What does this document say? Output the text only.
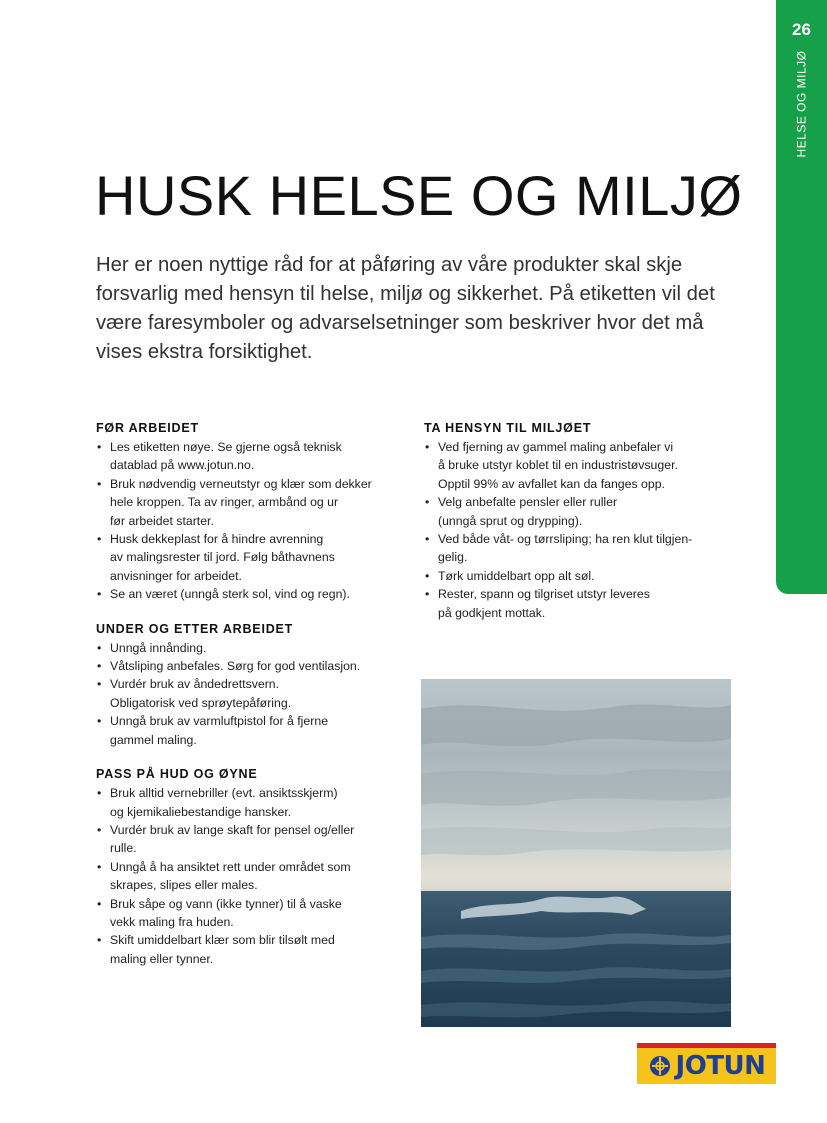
26
HELSE OG MILJØ
HUSK HELSE OG MILJØ

Her er noen nyttige råd for at påføring av våre produkter skal skje forsvarlig med hensyn til helse, miljø og sikkerhet. På etiketten vil det være faresymboler og advarselsetninger som beskriver hvor det må vises ekstra forsiktighet.

FØR ARBEIDET
• Les etiketten nøye. Se gjerne også teknisk
datablad på www.jotun.no.
• Bruk nødvendig verneutstyr og klær som dekker
hele kroppen. Ta av ringer, armbånd og ur
før arbeidet starter.
• Husk dekkeplast for å hindre avrenning
av malingsrester til jord. Følg båthavnens
anvisninger for arbeidet.
• Se an været (unngå sterk sol, vind og regn).
UNDER OG ETTER ARBEIDET
• Unngå innånding.
• Våtsliping anbefales. Sørg for god ventilasjon.
• Vurdér bruk av åndedrettsvern.
Obligatorisk ved sprøytepåføring.
• Unngå bruk av varmluftpistol for å fjerne
gammel maling.
PASS PÅ HUD OG ØYNE
• Bruk alltid vernebriller (evt. ansiktsskjerm)
og kjemikaliebestandige hansker.
• Vurdér bruk av lange skaft for pensel og/eller
rulle.
• Unngå å ha ansiktet rett under området som
skrapes, slipes eller males.
• Bruk såpe og vann (ikke tynner) til å vaske
vekk maling fra huden.
• Skift umiddelbart klær som blir tilsølt med
maling eller tynner.
TA HENSYN TIL MILJØET
• Ved fjerning av gammel maling anbefaler vi
å bruke utstyr koblet til en industristøvsuger.
Opptil 99% av avfallet kan da fanges opp.
• Velg anbefalte pensler eller ruller
(unngå sprut og drypping).
• Ved både våt- og tørrsliping; ha ren klut tilgjen-
gelig.
• Tørk umiddelbart opp alt søl.
• Rester, spann og tilgriset utstyr leveres
på godkjent mottak.
JOTUN
